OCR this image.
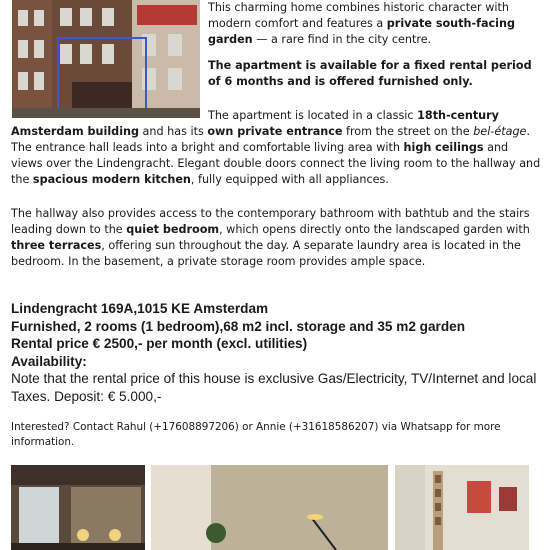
This charming home combines historic character with modern comfort and features a private south-facing garden — a rare find in the city centre.

The apartment is available for a fixed rental period of 6 months and is offered furnished only.

The apartment is located in a classic 18th-century Amsterdam building and has its own private entrance from the street on the bel-étage. The entrance hall leads into a bright and comfortable living area with high ceilings and views over the Lindengracht. Elegant double doors connect the living room to the hallway and the spacious modern kitchen, fully equipped with all appliances.

The hallway also provides access to the contemporary bathroom with bathtub and the stairs leading down to the quiet bedroom, which opens directly onto the landscaped garden with three terraces, offering sun throughout the day. A separate laundry area is located in the bedroom. In the basement, a private storage room provides ample space.

Lindengracht 169A,1015 KE Amsterdam
Furnished, 2 rooms (1 bedroom),68 m2 incl. storage and 35 m2 garden
Rental price € 2500,- per month (excl. utilities)
Availability:
Note that the rental price of this house is exclusive Gas/Electricity, TV/Internet and local Taxes. Deposit: € 5.000,-
Interested? Contact Rahul (+17608897206) or Annie (+31618586207) via Whatsapp for more information.
